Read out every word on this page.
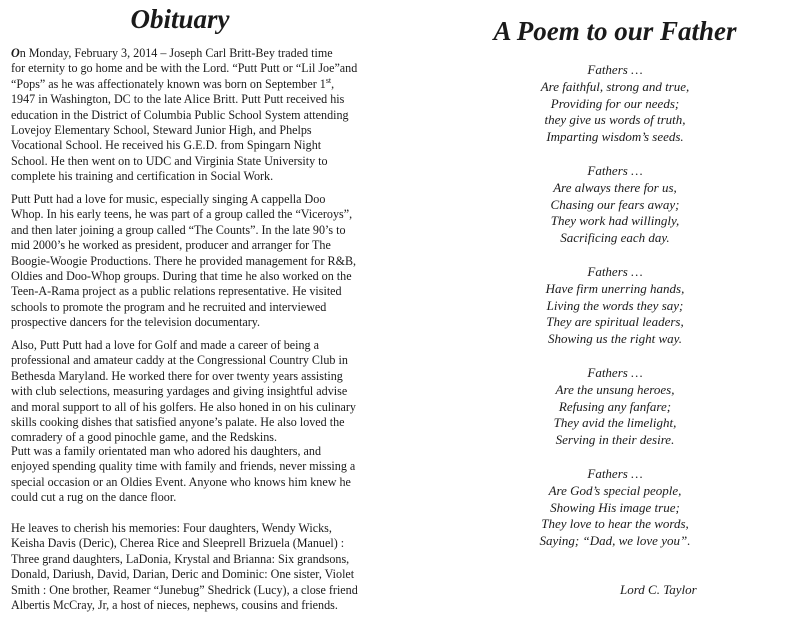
Obituary

On Monday, February 3, 2014 – Joseph Carl Britt-Bey traded time
for eternity to go home and be with the Lord. “Putt Putt or “Lil Joe”and
“Pops” as he was affectionately known was born on September 1st,
1947 in Washington, DC to the late Alice Britt. Putt Putt received his
education in the District of Columbia Public School System attending
Lovejoy Elementary School, Steward Junior High, and Phelps
Vocational School. He received his G.E.D. from Spingarn Night
School. He then went on to UDC and Virginia State University to
complete his training and certification in Social Work.

Putt Putt had a love for music, especially singing A cappella Doo
Whop. In his early teens, he was part of a group called the “Viceroys”,
and then later joining a group called “The Counts”. In the late 90’s to
mid 2000’s he worked as president, producer and arranger for The
Boogie-Woogie Productions. There he provided management for R&B,
Oldies and Doo-Whop groups. During that time he also worked on the
Teen-A-Rama project as a public relations representative. He visited
schools to promote the program and he recruited and interviewed
prospective dancers for the television documentary.

Also, Putt Putt had a love for Golf and made a career of being a
professional and amateur caddy at the Congressional Country Club in
Bethesda Maryland. He worked there for over twenty years assisting
with club selections, measuring yardages and giving insightful advise
and moral support to all of his golfers. He also honed in on his culinary
skills cooking dishes that satisfied anyone’s palate. He also loved the
comradery of a good pinochle game, and the Redskins.

Putt was a family orientated man who adored his daughters, and
enjoyed spending quality time with family and friends, never missing a
special occasion or an Oldies Event. Anyone who knows him knew he
could cut a rug on the dance floor.

He leaves to cherish his memories: Four daughters, Wendy Wicks,
Keisha Davis (Deric), Cherea Rice and Sleeprell Brizuela (Manuel) :
Three grand daughters, LaDonia, Krystal and Brianna: Six grandsons,
Donald, Dariush, David, Darian, Deric and Dominic: One sister, Violet
Smith : One brother, Reamer “Junebug” Shedrick (Lucy), a close friend
Albertis McCray, Jr, a host of nieces, nephews, cousins and friends.

A Poem to our Father

Fathers …
Are faithful, strong and true,
Providing for our needs;
they give us words of truth,
Imparting wisdom’s seeds.

Fathers …
Are always there for us,
Chasing our fears away;
They work had willingly,
Sacrificing each day.

Fathers …
Have firm unerring hands,
Living the words they say;
They are spiritual leaders,
Showing us the right way.

Fathers …
Are the unsung heroes,
Refusing any fanfare;
They avid the limelight,
Serving in their desire.

Fathers …
Are God’s special people,
Showing His image true;
They love to hear the words,
Saying; “Dad, we love you”.

Lord C. Taylor
